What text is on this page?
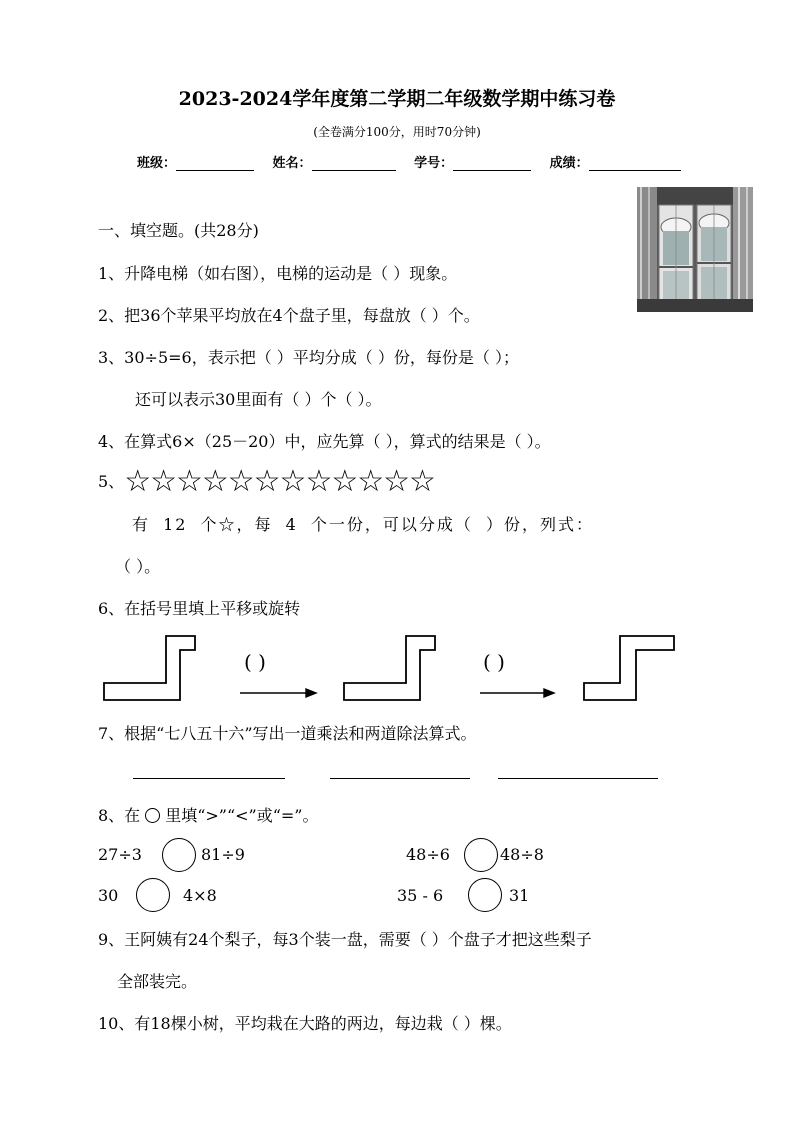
2023-2024学年度第二学期二年级数学期中练习卷
(全卷满分100分，用时70分钟)
班级：	姓名：	学号：	成绩：
一、填空题。(共28分)
1、升降电梯（如右图），电梯的运动是（ ）现象。
2、把36个苹果平均放在4个盘子里，每盘放（ ）个。
3、30÷5=6，表示把（ ）平均分成（ ）份，每份是（ ）；
还可以表示30里面有（ ）个（ ）。
4、在算式6×（25－20）中，应先算（ ），算式的结果是（ ）。
5、☆☆☆☆☆☆☆☆☆☆☆☆
有 12 个☆，每 4 个一份，可以分成（ ）份，列式：
（ ）。
6、在括号里填上平移或旋转
( )	( )
7、根据“七八五十六”写出一道乘法和两道除法算式。
8、在 里填“>”“<”或“=”。
27÷3	81÷9	48÷6	48÷8
30	4×8	35 - 6	31
9、王阿姨有24个梨子，每3个装一盘，需要（ ）个盘子才把这些梨子
全部装完。
10、有18棵小树，平均栽在大路的两边，每边栽（ ）棵。
